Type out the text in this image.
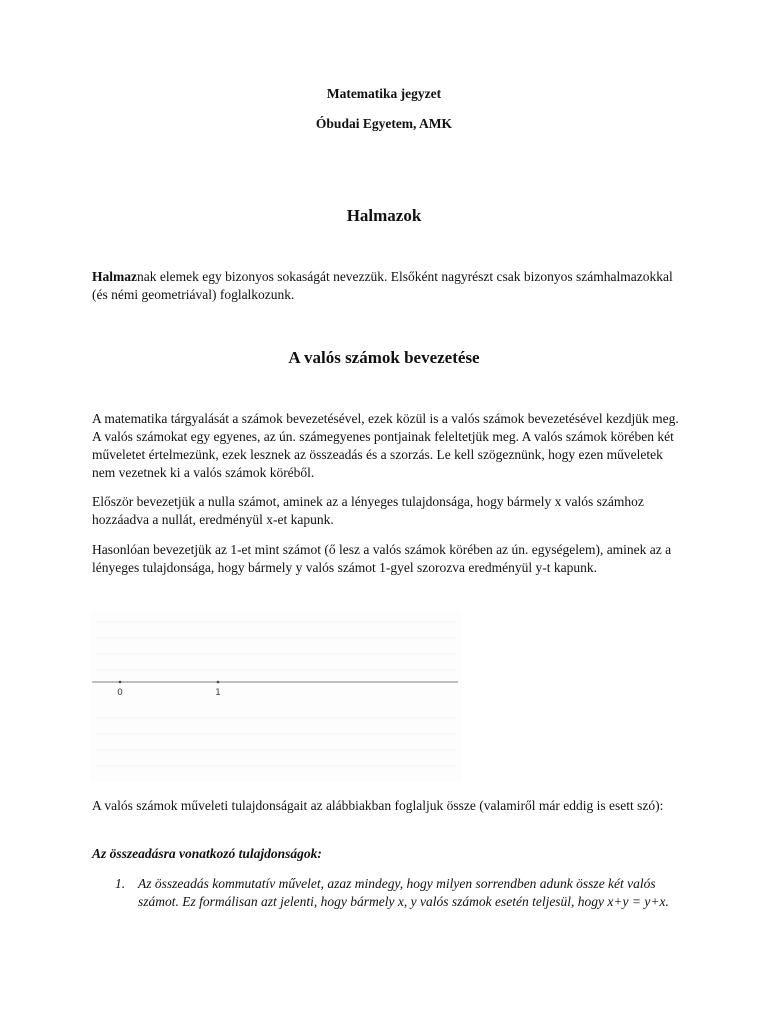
Matematika jegyzet
Óbudai Egyetem, AMK
Halmazok
Halmaznak elemek egy bizonyos sokaságát nevezzük. Elsőként nagyrészt csak bizonyos számhalmazokkal (és némi geometriával) foglalkozunk.
A valós számok bevezetése
A matematika tárgyalását a számok bevezetésével, ezek közül is a valós számok bevezetésével kezdjük meg. A valós számokat egy egyenes, az ún. számegyenes pontjainak feleltetjük meg. A valós számok körében két műveletet értelmezünk, ezek lesznek az összeadás és a szorzás. Le kell szögeznünk, hogy ezen műveletek nem vezetnek ki a valós számok köréből.
Először bevezetjük a nulla számot, aminek az a lényeges tulajdonsága, hogy bármely x valós számhoz hozzáadva a nullát, eredményül x-et kapunk.
Hasonlóan bevezetjük az 1-et mint számot (ő lesz a valós számok körében az ún. egységelem), aminek az a lényeges tulajdonsága, hogy bármely y valós számot 1-gyel szorozva eredményül y-t kapunk.
0	1
A valós számok műveleti tulajdonságait az alábbiakban foglaljuk össze (valamiről már eddig is esett szó):
Az összeadásra vonatkozó tulajdonságok:
1. Az összeadás kommutatív művelet, azaz mindegy, hogy milyen sorrendben adunk össze két valós számot. Ez formálisan azt jelenti, hogy bármely x, y valós számok esetén teljesül, hogy x+y = y+x.
